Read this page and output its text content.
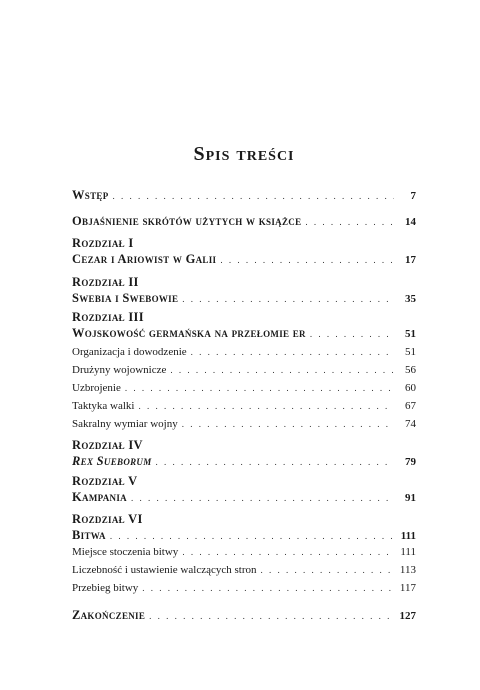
Spis treści
Wstęp . . .	7
Objaśnienie skrótów użytych w książce . . .	14
Rozdział I
Cezar i Ariowist w Galii . . .	17
Rozdział II
Swebia i Swebowie . . .	35
Rozdział III
Wojskowość germańska na przełomie er . . .	51
Organizacja i dowodzenie . . .	51
Drużyny wojownicze . . .	56
Uzbrojenie . . .	60
Taktyka walki . . .	67
Sakralny wymiar wojny . . .	74
Rozdział IV
Rex Sueborum . . .	79
Rozdział V
Kampania . . .	91
Rozdział VI
Bitwa . . .	111
Miejsce stoczenia bitwy . . .	111
Liczebność i ustawienie walczących stron . . .	113
Przebieg bitwy . . .	117
Zakończenie . . .	127
